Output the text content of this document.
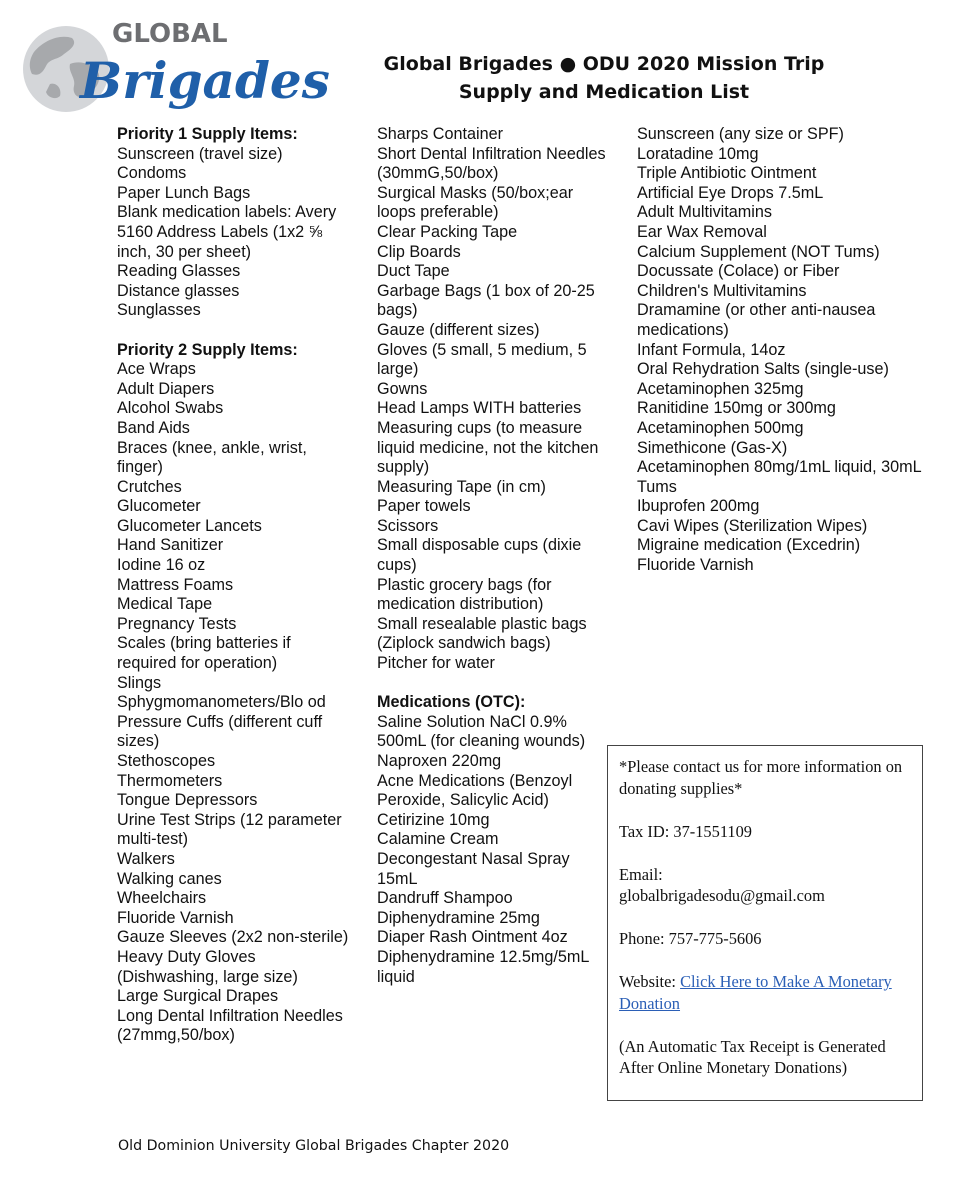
GLOBAL
Brigades	Global Brigades ● ODU 2020 Mission Trip
Supply and Medication List
Priority 1 Supply Items:
Sunscreen (travel size)
Condoms
Paper Lunch Bags
Blank medication labels: Avery 5160 Address Labels (1x2 ⅝ inch, 30 per sheet)
Reading Glasses
Distance glasses
Sunglasses
Priority 2 Supply Items:
Ace Wraps
Adult Diapers
Alcohol Swabs
Band Aids
Braces (knee, ankle, wrist, finger)
Crutches
Glucometer
Glucometer Lancets
Hand Sanitizer
Iodine 16 oz
Mattress Foams
Medical Tape
Pregnancy Tests
Scales (bring batteries if required for operation)
Slings
Sphygmomanometers/Blo od Pressure Cuffs (different cuff sizes)
Stethoscopes
Thermometers
Tongue Depressors
Urine Test Strips (12 parameter multi-test)
Walkers
Walking canes
Wheelchairs
Fluoride Varnish
Gauze Sleeves (2x2 non-sterile)
Heavy Duty Gloves (Dishwashing, large size)
Large Surgical Drapes
Long Dental Infiltration Needles (27mmg,50/box)
Sharps Container
Short Dental Infiltration Needles (30mmG,50/box)
Surgical Masks (50/box;ear loops preferable)
Clear Packing Tape
Clip Boards
Duct Tape
Garbage Bags (1 box of 20-25 bags)
Gauze (different sizes)
Gloves (5 small, 5 medium, 5 large)
Gowns
Head Lamps WITH batteries
Measuring cups (to measure liquid medicine, not the kitchen supply)
Measuring Tape (in cm)
Paper towels
Scissors
Small disposable cups (dixie cups)
Plastic grocery bags (for medication distribution)
Small resealable plastic bags (Ziplock sandwich bags)
Pitcher for water
Medications (OTC):
Saline Solution NaCl 0.9% 500mL (for cleaning wounds)
Naproxen 220mg
Acne Medications (Benzoyl Peroxide, Salicylic Acid)
Cetirizine 10mg
Calamine Cream
Decongestant Nasal Spray 15mL
Dandruff Shampoo
Diphenydramine 25mg
Diaper Rash Ointment 4oz
Diphenydramine 12.5mg/5mL liquid
Sunscreen (any size or SPF)
Loratadine 10mg
Triple Antibiotic Ointment
Artificial Eye Drops 7.5mL
Adult Multivitamins
Ear Wax Removal
Calcium Supplement (NOT Tums)
Docussate (Colace) or Fiber
Children's Multivitamins
Dramamine (or other anti-nausea medications)
Infant Formula, 14oz
Oral Rehydration Salts (single-use)
Acetaminophen 325mg
Ranitidine 150mg or 300mg
Acetaminophen 500mg
Simethicone (Gas-X)
Acetaminophen 80mg/1mL liquid, 30mL
Tums
Ibuprofen 200mg
Cavi Wipes (Sterilization Wipes)
Migraine medication (Excedrin)
Fluoride Varnish

*Please contact us for more information on donating supplies*

Tax ID: 37-1551109

Email:
globalbrigadesodu@gmail.com

Phone: 757-775-5606

Website: Click Here to Make A Monetary Donation

(An Automatic Tax Receipt is Generated After Online Monetary Donations)

Old Dominion University Global Brigades Chapter 2020
